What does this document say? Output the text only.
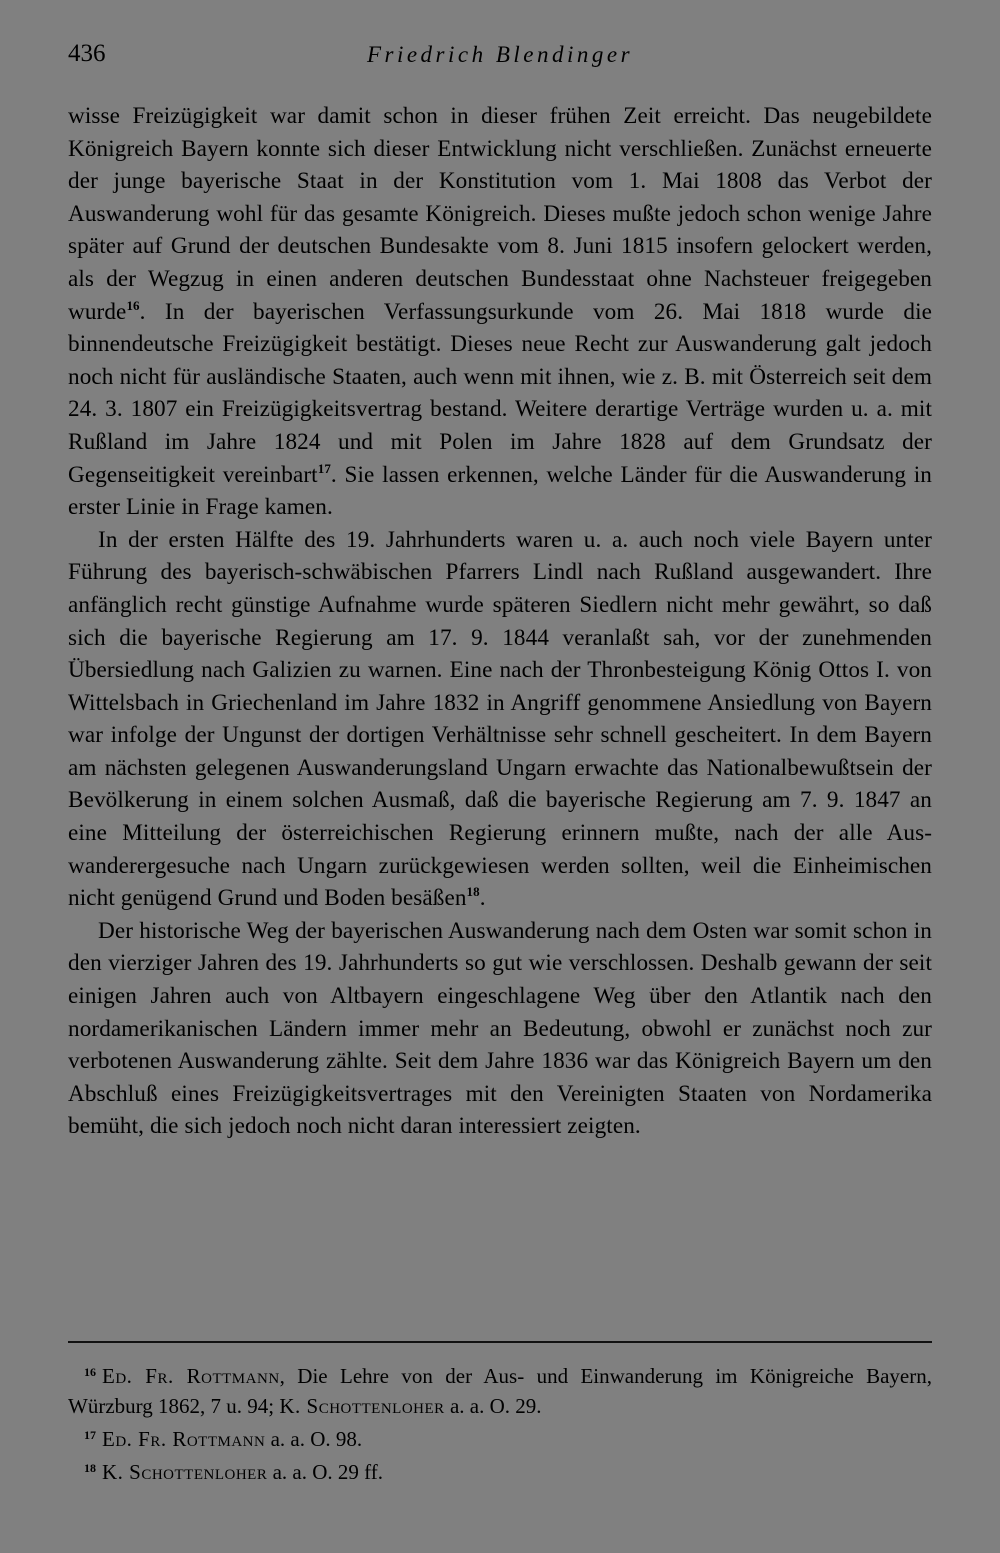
436	Friedrich Blendinger

wisse Freizügigkeit war damit schon in dieser frühen Zeit erreicht. Das neugebildete Königreich Bayern konnte sich dieser Entwicklung nicht verschließen. Zunächst erneuerte der junge bayerische Staat in der Konstitution vom 1. Mai 1808 das Verbot der Auswanderung wohl für das gesamte Königreich. Dieses mußte jedoch schon wenige Jahre später auf Grund der deutschen Bundesakte vom 8. Juni 1815 insofern gelockert werden, als der Wegzug in einen anderen deutschen Bundesstaat ohne Nachsteuer freigegeben wurde$^{16}$. In der bayerischen Verfassungsurkunde vom 26. Mai 1818 wurde die binnendeutsche Freizügigkeit bestätigt. Dieses neue Recht zur Auswanderung galt jedoch noch nicht für ausländische Staaten, auch wenn mit ihnen, wie z. B. mit Österreich seit dem 24. 3. 1807 ein Freizügigkeitsvertrag bestand. Weitere derartige Verträge wurden u. a. mit Rußland im Jahre 1824 und mit Polen im Jahre 1828 auf dem Grundsatz der Gegenseitigkeit vereinbart$^{17}$. Sie lassen erkennen, welche Länder für die Auswanderung in erster Linie in Frage kamen.

In der ersten Hälfte des 19. Jahrhunderts waren u. a. auch noch viele Bayern unter Führung des bayerisch-schwäbischen Pfarrers Lindl nach Rußland ausgewandert. Ihre anfänglich recht günstige Aufnahme wurde späteren Siedlern nicht mehr gewährt, so daß sich die bayerische Regierung am 17. 9. 1844 veranlaßt sah, vor der zunehmenden Übersiedlung nach Galizien zu warnen. Eine nach der Thronbesteigung König Ottos I. von Wittelsbach in Griechenland im Jahre 1832 in Angriff genommene Ansiedlung von Bayern war infolge der Ungunst der dortigen Verhältnisse sehr schnell gescheitert. In dem Bayern am nächsten gelegenen Auswanderungsland Ungarn erwachte das Nationalbewußtsein der Bevölkerung in einem solchen Ausmaß, daß die bayerische Regierung am 7. 9. 1847 an eine Mitteilung der österreichischen Regierung erinnern mußte, nach der alle Auswanderergesuche nach Ungarn zurückgewiesen werden sollten, weil die Einheimischen nicht genügend Grund und Boden besäßen$^{18}$.

Der historische Weg der bayerischen Auswanderung nach dem Osten war somit schon in den vierziger Jahren des 19. Jahrhunderts so gut wie verschlossen. Deshalb gewann der seit einigen Jahren auch von Altbayern eingeschlagene Weg über den Atlantik nach den nordamerikanischen Ländern immer mehr an Bedeutung, obwohl er zunächst noch zur verbotenen Auswanderung zählte. Seit dem Jahre 1836 war das Königreich Bayern um den Abschluß eines Freizügigkeitsvertrages mit den Vereinigten Staaten von Nordamerika bemüht, die sich jedoch noch nicht daran interessiert zeigten.

$^{16}$ Ed. Fr. Rottmann, Die Lehre von der Aus- und Einwanderung im Königreiche Bayern, Würzburg 1862, 7 u. 94; K. Schottenloher a. a. O. 29.

$^{17}$ Ed. Fr. Rottmann a. a. O. 98.

$^{18}$ K. Schottenloher a. a. O. 29 ff.
